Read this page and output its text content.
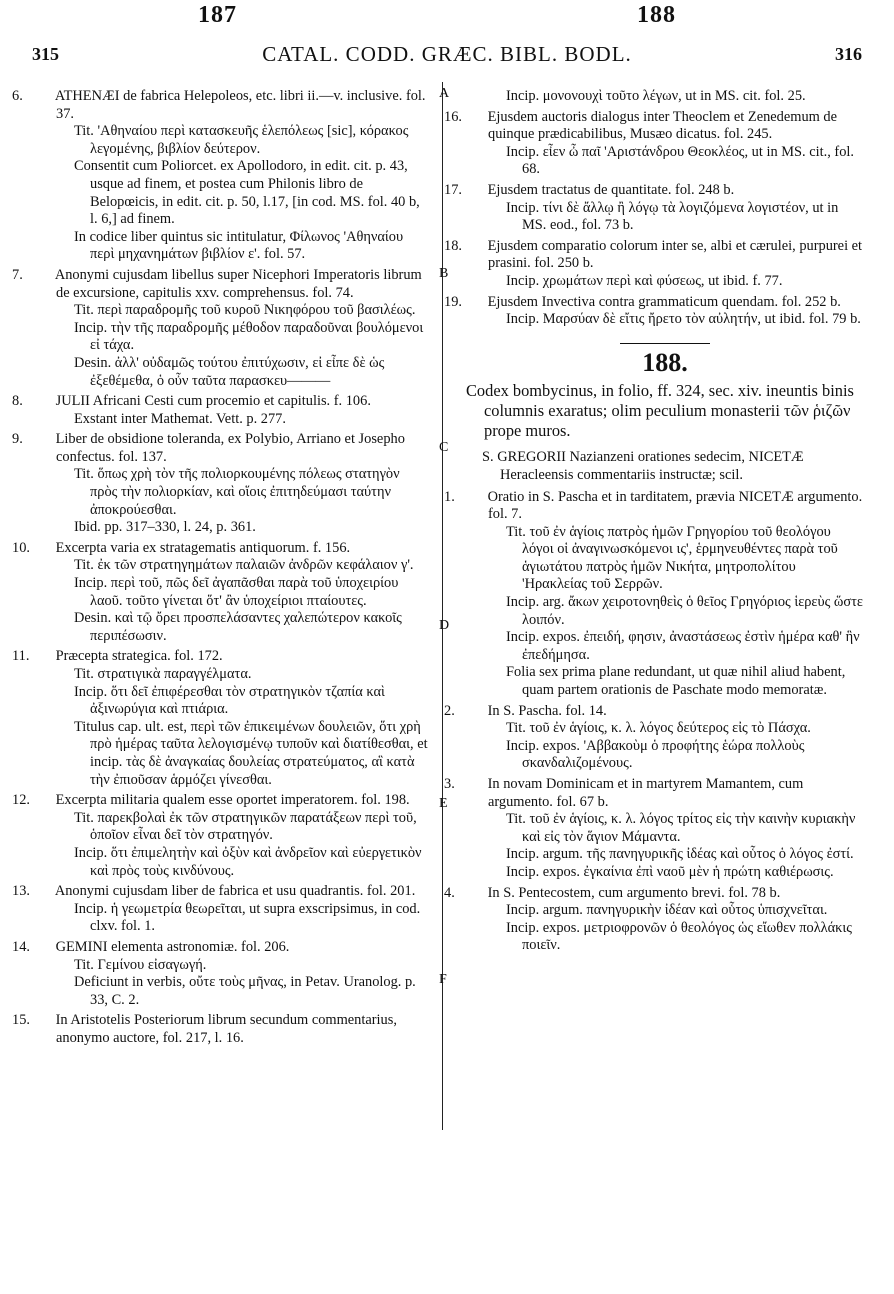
187	188
315	CATAL. CODD. GRÆC. BIBL. BODL.	316
A
B
C
D
E
F
6. ATHENÆI de fabrica Helepoleos, etc. libri ii.—v. inclusive. fol. 37.
Tit. 'Αθηναίου περὶ κατασκευῆς ἑλεπόλεως [sic], κόρακος λεγομένης, βιβλίον δεύτερον.
Consentit cum Poliorcet. ex Apollodoro, in edit. cit. p. 43, usque ad finem, et postea cum Philonis libro de Belopœicis, in edit. cit. p. 50, l.17, [in cod. MS. fol. 40 b, l. 6,] ad finem.
In codice liber quintus sic intitulatur, Φίλωνος 'Αθηναίου περὶ μηχανημάτων βιβλίον ε'. fol. 57.
7. Anonymi cujusdam libellus super Nicephori Imperatoris librum de excursione, capitulis xxv. comprehensus. fol. 74.
Tit. περὶ παραδρομῆς τοῦ κυροῦ Νικηφόρου τοῦ βασιλέως.
Incip. τὴν τῆς παραδρομῆς μέθοδον παραδοῦναι βουλόμενοι εἰ τάχα.
Desin. ἀλλ' οὐδαμῶς τούτου ἐπιτύχωσιν, εἰ εἶπε δὲ ὡς ἐξεθέμεθα, ὁ οὖν ταῦτα παρασκευ———
8. JULII Africani Cesti cum procemio et capitulis. f. 106.
Exstant inter Mathemat. Vett. p. 277.
9. Liber de obsidione toleranda, ex Polybio, Arriano et Josepho confectus. fol. 137.
Tit. ὅπως χρὴ τὸν τῆς πολιορκουμένης πόλεως στατηγὸν πρὸς τὴν πολιορκίαν, καὶ οἵοις ἐπιτηδεύμασι ταύτην ἀποκρούεσθαι.
Ibid. pp. 317–330, l. 24, p. 361.
10. Excerpta varia ex stratagematis antiquorum. f. 156.
Tit. ἐκ τῶν στρατηγημάτων παλαιῶν ἀνδρῶν κεφάλαιον γ'.
Incip. περὶ τοῦ, πῶς δεῖ ἀγαπᾶσθαι παρὰ τοῦ ὑποχειρίου λαοῦ. τοῦτο γίνεται ὅτ' ἂν ὑποχείριοι πταίουτες.
Desin. καὶ τῷ ὄρει προσπελάσαντες χαλεπώτερον κακοῖς περιπέσωσιν.
11. Præcepta strategica. fol. 172.
Tit. στρατιγικὰ παραγγέλματα.
Incip. ὅτι δεῖ ἐπιφέρεσθαι τὸν στρατηγικὸν τζαπία καὶ ἀξινωρύγια καὶ πτιάρια.
Titulus cap. ult. est, περὶ τῶν ἐπικειμένων δουλειῶν, ὅτι χρὴ πρὸ ἡμέρας ταῦτα λελογισμένῳ τυποῦν καὶ διατίθεσθαι, et incip. τὰς δὲ ἀναγκαίας δουλείας στρατεύματος, αἳ κατὰ τὴν ἐπιοῦσαν ἁρμόζει γίνεσθαι.
12. Excerpta militaria qualem esse oportet imperatorem. fol. 198.
Tit. παρεκβολαὶ ἐκ τῶν στρατηγικῶν παρατάξεων περὶ τοῦ, ὁποῖον εἶναι δεῖ τὸν στρατηγόν.
Incip. ὅτι ἐπιμελητὴν καὶ ὀξὺν καὶ ἀνδρεῖον καὶ εὐεργετικὸν καὶ πρὸς τοὺς κινδύνους.
13. Anonymi cujusdam liber de fabrica et usu quadrantis. fol. 201.
Incip. ἡ γεωμετρία θεωρεῖται, ut supra exscripsimus, in cod. clxv. fol. 1.
14. GEMINI elementa astronomiæ. fol. 206.
Tit. Γεμίνου εἰσαγωγή.
Deficiunt in verbis, οὔτε τοὺς μῆνας, in Petav. Uranolog. p. 33, C. 2.
15. In Aristotelis Posteriorum librum secundum commentarius, anonymo auctore, fol. 217, l. 16.
Incip. μονονουχὶ τοῦτο λέγων, ut in MS. cit. fol. 25.
16. Ejusdem auctoris dialogus inter Theoclem et Zenedemum de quinque prædicabilibus, Musæo dicatus. fol. 245.
Incip. εἶεν ὦ παῖ 'Αριστάνδρου Θεοκλέος, ut in MS. cit., fol. 68.
17. Ejusdem tractatus de quantitate. fol. 248 b.
Incip. τίνι δὲ ἄλλῳ ἢ λόγῳ τὰ λογιζόμενα λογιστέον, ut in MS. eod., fol. 73 b.
18. Ejusdem comparatio colorum inter se, albi et cærulei, purpurei et prasini. fol. 250 b.
Incip. χρωμάτων περὶ καὶ φύσεως, ut ibid. f. 77.
19. Ejusdem Invectiva contra grammaticum quendam. fol. 252 b.
Incip. Μαρσύαν δὲ εἴτις ἤρετο τὸν αὐλητήν, ut ibid. fol. 79 b.
188.
Codex bombycinus, in folio, ff. 324, sec. xiv. ineuntis binis columnis exaratus; olim peculium monasterii τῶν ῥιζῶν prope muros.
S. GREGORII Nazianzeni orationes sedecim, NICETÆ Heracleensis commentariis instructæ; scil.
1. Oratio in S. Pascha et in tarditatem, prævia NICETÆ argumento. fol. 7.
Tit. τοῦ ἐν ἁγίοις πατρὸς ἡμῶν Γρηγορίου τοῦ θεολόγου λόγοι οἱ ἀναγινωσκόμενοι ις', ἑρμηνευθέντες παρὰ τοῦ ἁγιωτάτου πατρὸς ἡμῶν Νικήτα, μητροπολίτου 'Ηρακλείας τοῦ Σερρῶν.
Incip. arg. ἄκων χειροτονηθεὶς ὁ θεῖος Γρηγόριος ἱερεὺς ὥστε λοιπόν.
Incip. expos. ἐπειδή, φησιν, ἀναστάσεως ἐστὶν ἡμέρα καθ' ἣν ἐπεδήμησα.
Folia sex prima plane redundant, ut quæ nihil aliud habent, quam partem orationis de Paschate modo memoratæ.
2. In S. Pascha. fol. 14.
Tit. τοῦ ἐν ἁγίοις, κ. λ. λόγος δεύτερος εἰς τὸ Πάσχα.
Incip. expos. 'Αββακοὺμ ὁ προφήτης ἑώρα πολλοὺς σκανδαλιζομένους.
3. In novam Dominicam et in martyrem Mamantem, cum argumento. fol. 67 b.
Tit. τοῦ ἐν ἁγίοις, κ. λ. λόγος τρίτος εἰς τὴν καινὴν κυριακὴν καὶ εἰς τὸν ἅγιον Μάμαντα.
Incip. argum. τῆς πανηγυρικῆς ἰδέας καὶ οὗτος ὁ λόγος ἐστί.
Incip. expos. ἐγκαίνια ἐπὶ ναοῦ μὲν ἡ πρώτη καθιέρωσις.
4. In S. Pentecostem, cum argumento brevi. fol. 78 b.
Incip. argum. πανηγυρικὴν ἰδέαν καὶ οὗτος ὑπισχνεῖται.
Incip. expos. μετριοφρονῶν ὁ θεολόγος ὡς εἴωθεν πολλάκις ποιεῖν.
